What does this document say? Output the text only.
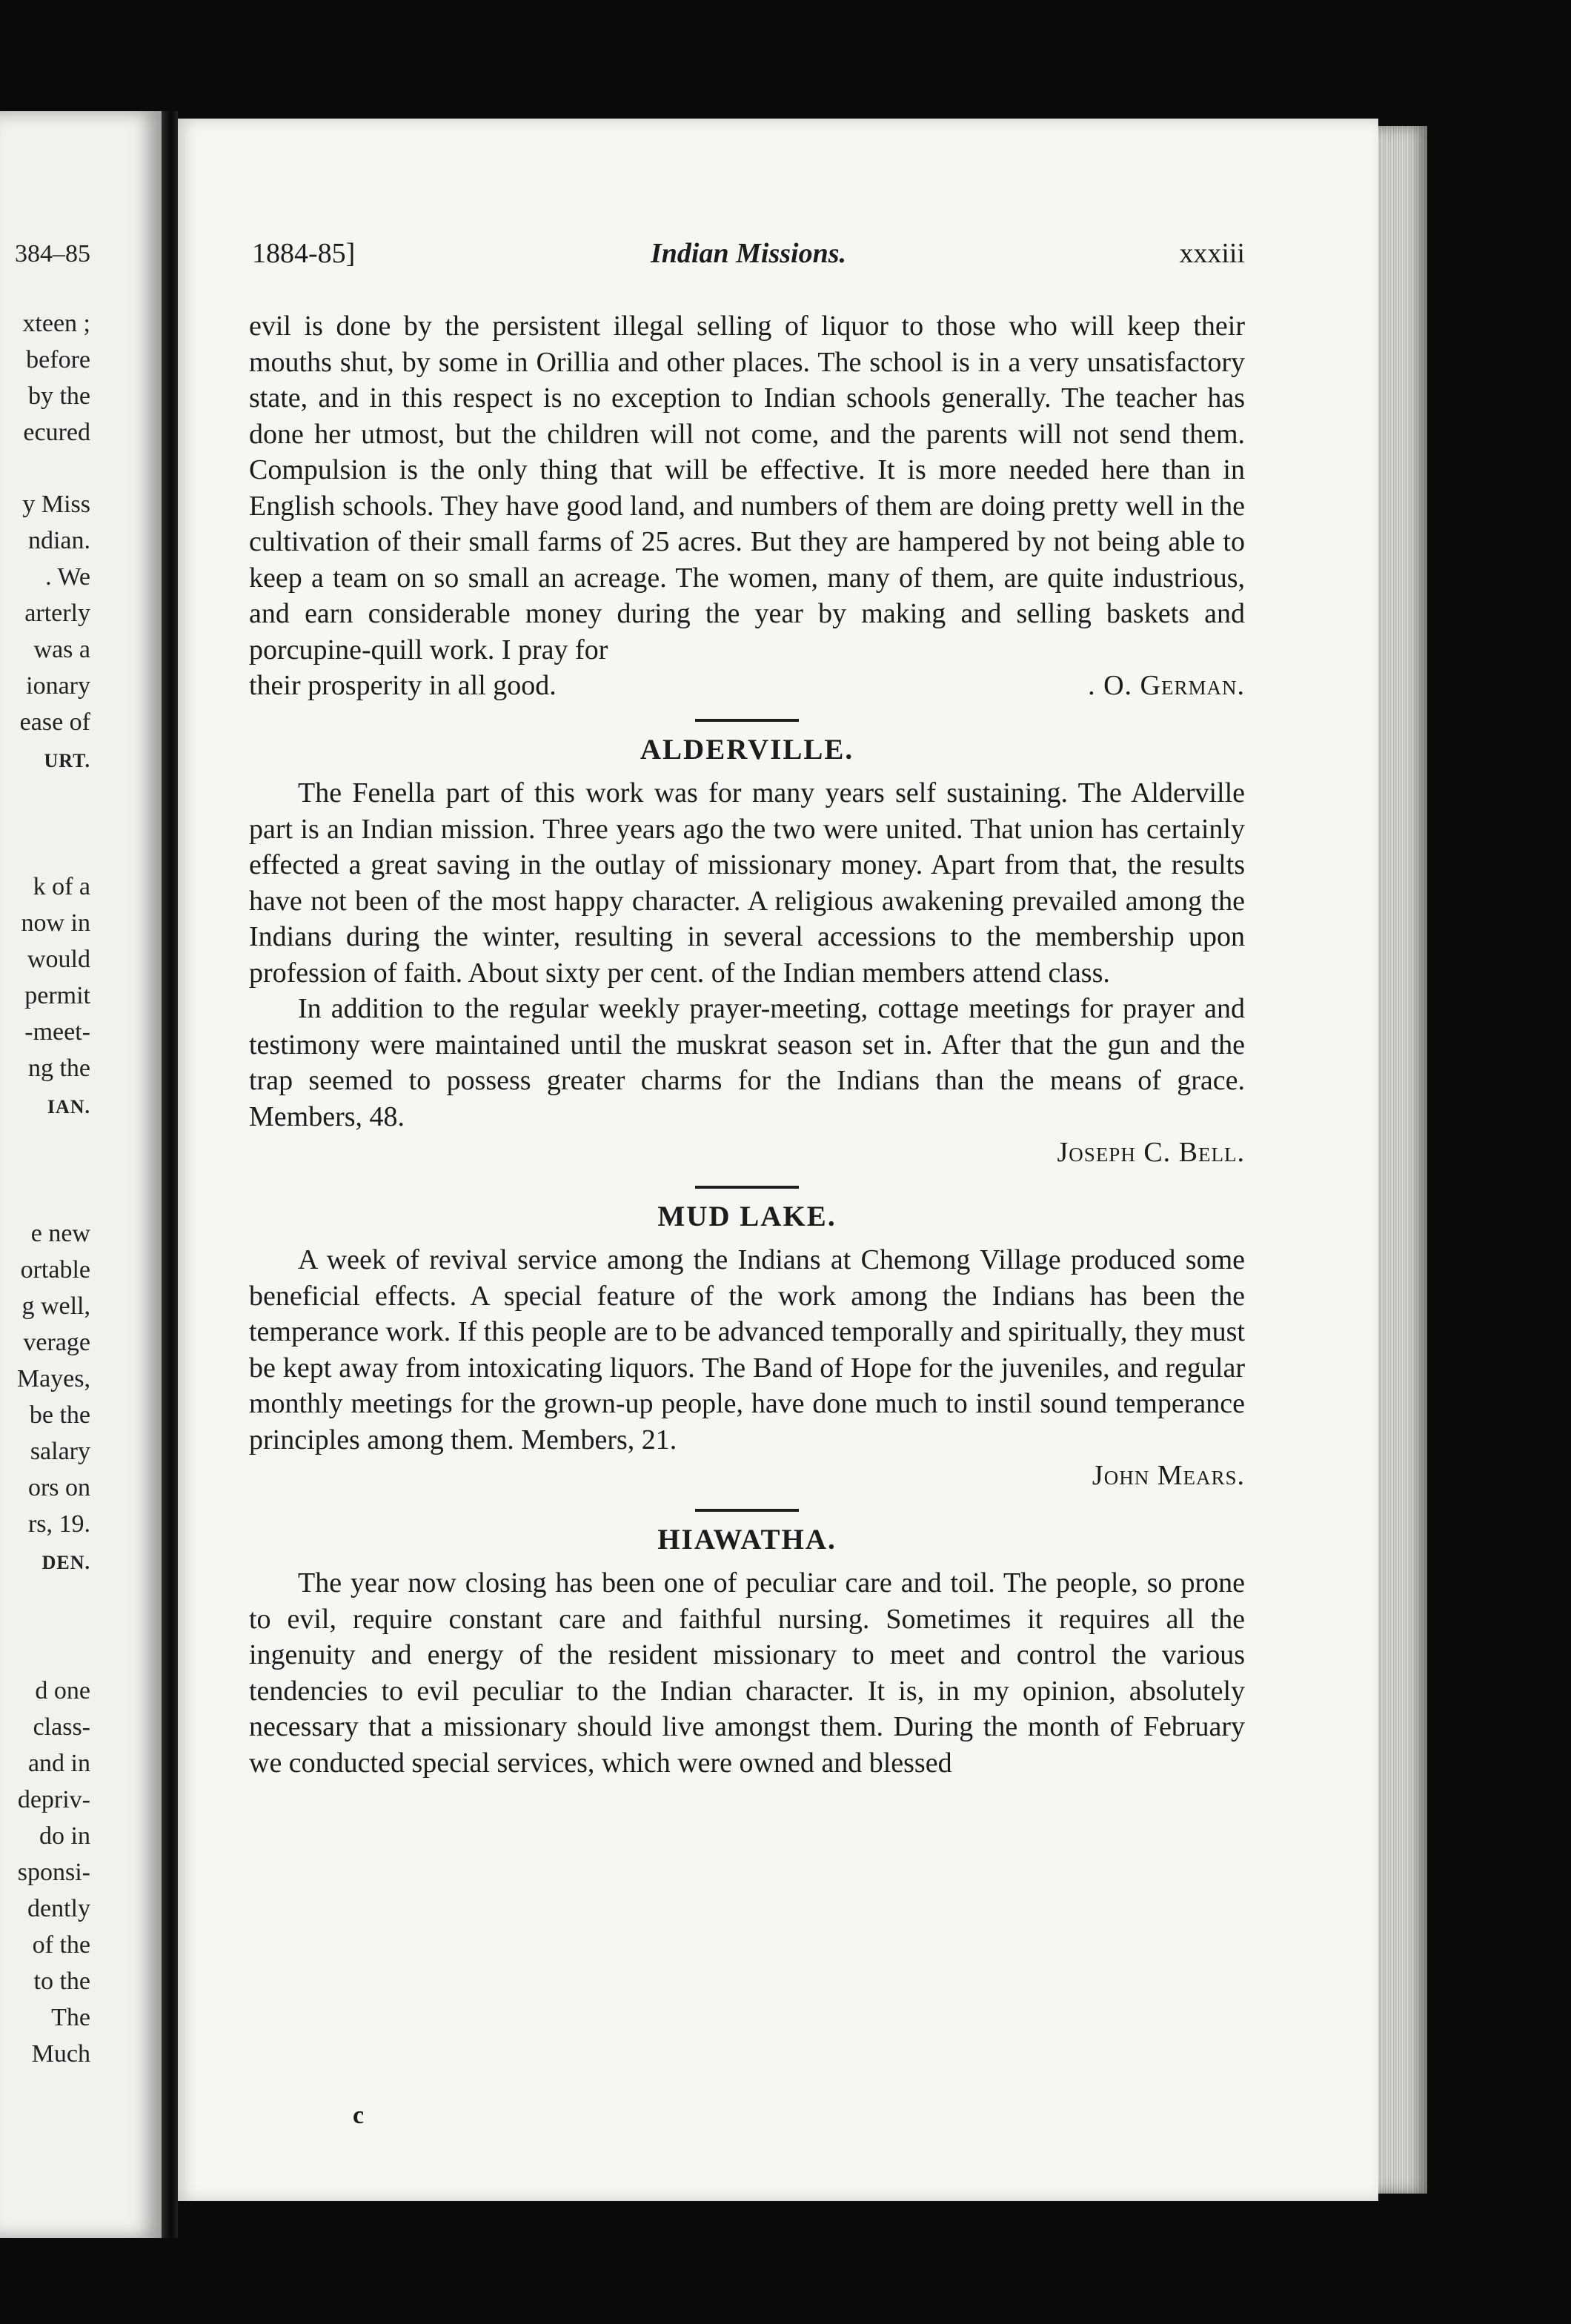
384–85
xteen ;
before
by the
ecured
y Miss
ndian.
. We
arterly
was a
ionary
ease of
URT.
k of a
now in
would
permit
-meet-
ng the
IAN.
e new
ortable
g well,
verage
Mayes,
be the
salary
ors on
rs, 19.
DEN.
d one
class-
and in
depriv-
do in
sponsi-
dently
of the
to the
The
Much
1884-85]	Indian Missions.	xxxiii

evil is done by the persistent illegal selling of liquor to those who will keep their mouths shut, by some in Orillia and other places. The school is in a very unsatisfactory state, and in this respect is no exception to Indian schools generally. The teacher has done her utmost, but the children will not come, and the parents will not send them. Compulsion is the only thing that will be effective. It is more needed here than in English schools. They have good land, and numbers of them are doing pretty well in the cultivation of their small farms of 25 acres. But they are hampered by not being able to keep a team on so small an acreage. The women, many of them, are quite industrious, and earn considerable money during the year by making and selling baskets and porcupine-quill work. I pray for

their prosperity in all good.	. O. German.

ALDERVILLE.

The Fenella part of this work was for many years self sustaining. The Alderville part is an Indian mission. Three years ago the two were united. That union has certainly effected a great saving in the outlay of missionary money. Apart from that, the results have not been of the most happy character. A religious awakening prevailed among the Indians during the winter, resulting in several accessions to the membership upon profession of faith. About sixty per cent. of the Indian members attend class.

In addition to the regular weekly prayer-meeting, cottage meetings for prayer and testimony were maintained until the muskrat season set in. After that the gun and the trap seemed to possess greater charms for the Indians than the means of grace. Members, 48.

Joseph C. Bell.

MUD LAKE.

A week of revival service among the Indians at Chemong Village produced some beneficial effects. A special feature of the work among the Indians has been the temperance work. If this people are to be advanced temporally and spiritually, they must be kept away from intoxicating liquors. The Band of Hope for the juveniles, and regular monthly meetings for the grown-up people, have done much to instil sound temperance principles among them. Members, 21.

John Mears.

HIAWATHA.

The year now closing has been one of peculiar care and toil. The people, so prone to evil, require constant care and faithful nursing. Sometimes it requires all the ingenuity and energy of the resident missionary to meet and control the various tendencies to evil peculiar to the Indian character. It is, in my opinion, absolutely necessary that a missionary should live amongst them. During the month of February we conducted special services, which were owned and blessed

c
